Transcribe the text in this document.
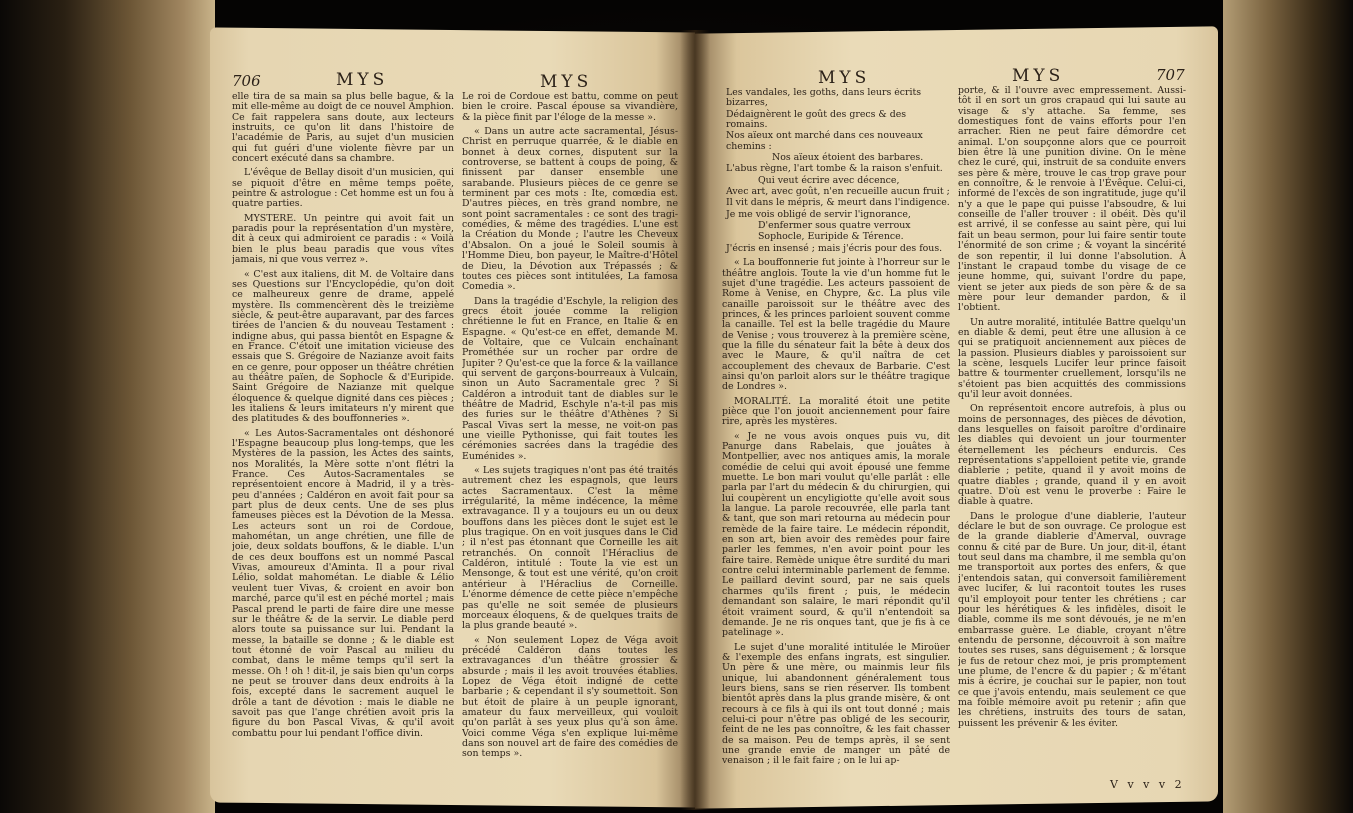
706	MYS	MYS	MYS	MYS	707

elle tira de sa main sa plus belle bague, & la mit elle-même au doigt de ce nouvel Amphion. Ce fait rappelera sans doute, aux lecteurs instruits, ce qu'on lit dans l'histoire de l'académie de Paris, au sujet d'un musicien qui fut guéri d'une violente fièvre par un concert exécuté dans sa chambre.

L'évêque de Bellay disoit d'un musicien, qui se piquoit d'être en même temps poëte, peintre & astrologue : Cet homme est un fou à quatre parties.

MYSTERE. Un peintre qui avoit fait un paradis pour la représentation d'un mystère, dit à ceux qui admiroient ce paradis : « Voilà bien le plus beau paradis que vous vîtes jamais, ni que vous verrez ».

« C'est aux italiens, dit M. de Voltaire dans ses Questions sur l'Encyclopédie, qu'on doit ce malheureux genre de drame, appelé mystère. Ils commencèrent dès le treizième siècle, & peut-être auparavant, par des farces tirées de l'ancien & du nouveau Testament : indigne abus, qui passa bientôt en Espagne & en France. C'étoit une imitation vicieuse des essais que S. Grégoire de Nazianze avoit faits en ce genre, pour opposer un théâtre chrétien au théâtre païen, de Sophocle & d'Euripide. Saint Grégoire de Nazianze mit quelque éloquence & quelque dignité dans ces pièces ; les italiens & leurs imitateurs n'y mirent que des platitudes & des bouffonneries ».

« Les Autos-Sacramentales ont déshonoré l'Espagne beaucoup plus long-temps, que les Mystères de la passion, les Actes des saints, nos Moralités, la Mère sotte n'ont flétri la France. Ces Autos-Sacramentales se représentoient encore à Madrid, il y a très-peu d'années ; Caldéron en avoit fait pour sa part plus de deux cents. Une de ses plus fameuses pièces est la Dévotion de la Messa. Les acteurs sont un roi de Cordoue, mahométan, un ange chrétien, une fille de joie, deux soldats bouffons, & le diable. L'un de ces deux bouffons est un nommé Pascal Vivas, amoureux d'Aminta. Il a pour rival Lélio, soldat mahométan. Le diable & Lélio veulent tuer Vivas, & croient en avoir bon marché, parce qu'il est en péché mortel ; mais Pascal prend le parti de faire dire une messe sur le théâtre & de la servir. Le diable perd alors toute sa puissance sur lui. Pendant la messe, la bataille se donne ; & le diable est tout étonné de voir Pascal au milieu du combat, dans le même temps qu'il sert la messe. Oh ! oh ! dit-il, je sais bien qu'un corps ne peut se trouver dans deux endroits à la fois, excepté dans le sacrement auquel le drôle a tant de dévotion : mais le diable ne savoit pas que l'ange chrétien avoit pris la figure du bon Pascal Vivas, & qu'il avoit combattu pour lui pendant l'office divin.

Le roi de Cordoue est battu, comme on peut bien le croire. Pascal épouse sa vivandière, & la pièce finit par l'éloge de la messe ».

« Dans un autre acte sacramental, Jésus-Christ en perruque quarrée, & le diable en bonnet à deux cornes, disputent sur la controverse, se battent à coups de poing, & finissent par danser ensemble une sarabande. Plusieurs pièces de ce genre se terminent par ces mots : Ite, comœdia est. D'autres pièces, en très grand nombre, ne sont point sacramentales : ce sont des tragi-comédies, & même des tragédies. L'une est la Création du Monde ; l'autre les Cheveux d'Absalon. On a joué le Soleil soumis à l'Homme Dieu, bon payeur, le Maître-d'Hôtel de Dieu, la Dévotion aux Trépassés ; & toutes ces pièces sont intitulées, La famosa Comedia ».

Dans la tragédie d'Eschyle, la religion des grecs étoit jouée comme la religion chrétienne le fut en France, en Italie & en Espagne. « Qu'est-ce en effet, demande M. de Voltaire, que ce Vulcain enchaînant Prométhée sur un rocher par ordre de Jupiter ? Qu'est-ce que la force & la vaillance qui servent de garçons-bourreaux à Vulcain, sinon un Auto Sacramentale grec ? Si Caldéron a introduit tant de diables sur le théâtre de Madrid, Eschyle n'a-t-il pas mis des furies sur le théâtre d'Athènes ? Si Pascal Vivas sert la messe, ne voit-on pas une vieille Pythonisse, qui fait toutes les cérémonies sacrées dans la tragédie des Euménides ».

« Les sujets tragiques n'ont pas été traités autrement chez les espagnols, que leurs actes Sacramentaux. C'est la même irrégularité, la même indécence, la même extravagance. Il y a toujours eu un ou deux bouffons dans les pièces dont le sujet est le plus tragique. On en voit jusques dans le Cid ; il n'est pas étonnant que Corneille les ait retranchés. On connoît l'Héraclius de Caldéron, intitulé : Toute la vie est un Mensonge, & tout est une vérité, qu'on croit antérieur à l'Héraclius de Corneille. L'énorme démence de cette pièce n'empêche pas qu'elle ne soit semée de plusieurs morceaux éloquens, & de quelques traits de la plus grande beauté ».

« Non seulement Lopez de Véga avoit précédé Caldéron dans toutes les extravagances d'un théâtre grossier & absurde ; mais il les avoit trouvées établies. Lopez de Véga étoit indigné de cette barbarie ; & cependant il s'y soumettoit. Son but étoit de plaire à un peuple ignorant, amateur du faux merveilleux, qui vouloit qu'on parlât à ses yeux plus qu'à son âme. Voici comme Véga s'en explique lui-même dans son nouvel art de faire des comédies de son temps ».

Les vandales, les goths, dans leurs écrits bizarres,
Dédaignèrent le goût des grecs & des romains.
Nos aïeux ont marché dans ces nouveaux chemins :
Nos aïeux étoient des barbares.
L'abus règne, l'art tombe & la raison s'enfuit.
Qui veut écrire avec décence,
Avec art, avec goût, n'en recueille aucun fruit ;
Il vit dans le mépris, & meurt dans l'indigence.
Je me vois obligé de servir l'ignorance,
D'enfermer sous quatre verroux
Sophocle, Euripide & Térence.
J'écris en insensé ; mais j'écris pour des fous.

« La bouffonnerie fut jointe à l'horreur sur le théâtre anglois. Toute la vie d'un homme fut le sujet d'une tragédie. Les acteurs passoient de Rome à Venise, en Chypre, &c. La plus vile canaille paroissoit sur le théâtre avec des princes, & les princes parloient souvent comme la canaille. Tel est la belle tragédie du Maure de Venise ; vous trouverez à la première scène, que la fille du sénateur fait la bête à deux dos avec le Maure, & qu'il naîtra de cet accouplement des chevaux de Barbarie. C'est ainsi qu'on parloit alors sur le théâtre tragique de Londres ».

MORALITÉ. La moralité étoit une petite pièce que l'on jouoit anciennement pour faire rire, après les mystères.

« Je ne vous avois onques puis vu, dit Panurge dans Rabelais, que jouâtes à Montpellier, avec nos antiques amis, la morale comédie de celui qui avoit épousé une femme muette. Le bon mari voulut qu'elle parlât : elle parla par l'art du médecin & du chirurgien, qui lui coupèrent un encyligiotte qu'elle avoit sous la langue. La parole recouvrée, elle parla tant & tant, que son mari retourna au médecin pour remède de la faire taire. Le médecin répondit, en son art, bien avoir des remèdes pour faire parler les femmes, n'en avoir point pour les faire taire. Remède unique être surdité du mari contre celui interminable parlement de femme. Le paillard devint sourd, par ne sais quels charmes qu'ils firent ; puis, le médecin demandant son salaire, le mari répondit qu'il étoit vraiment sourd, & qu'il n'entendoit sa demande. Je ne ris onques tant, que je fis à ce patelinage ».

Le sujet d'une moralité intitulée le Miroüer & l'exemple des enfans ingrats, est singulier. Un père & une mère, ou mainmis leur fils unique, lui abandonnent généralement tous leurs biens, sans se rien réserver. Ils tombent bientôt après dans la plus grande misère, & ont recours à ce fils à qui ils ont tout donné ; mais celui-ci pour n'être pas obligé de les secourir, feint de ne les pas connoître, & les fait chasser de sa maison. Peu de temps après, il se sent une grande envie de manger un pâté de venaison ; il le fait faire ; on le lui ap-

porte, & il l'ouvre avec empressement. Aussi-tôt il en sort un gros crapaud qui lui saute au visage & s'y attache. Sa femme, ses domestiques font de vains efforts pour l'en arracher. Rien ne peut faire démordre cet animal. L'on soupçonne alors que ce pourroit bien être là une punition divine. On le mène chez le curé, qui, instruit de sa conduite envers ses père & mère, trouve le cas trop grave pour en connoître, & le renvoie à l'Évêque. Celui-ci, informé de l'excès de son ingratitude, juge qu'il n'y a que le pape qui puisse l'absoudre, & lui conseille de l'aller trouver : il obéit. Dès qu'il est arrivé, il se confesse au saint père, qui lui fait un beau sermon, pour lui faire sentir toute l'énormité de son crime ; & voyant la sincérité de son repentir, il lui donne l'absolution. À l'instant le crapaud tombe du visage de ce jeune homme, qui, suivant l'ordre du pape, vient se jeter aux pieds de son père & de sa mère pour leur demander pardon, & il l'obtient.

Un autre moralité, intitulée Battre quelqu'un en diable & demi, peut être une allusion à ce qui se pratiquoit anciennement aux pièces de la passion. Plusieurs diables y paroissoient sur la scène, lesquels Lucifer leur prince faisoit battre & tourmenter cruellement, lorsqu'ils ne s'étoient pas bien acquittés des commissions qu'il leur avoit données.

On représentoit encore autrefois, à plus ou moins de personnages, des pièces de dévotion, dans lesquelles on faisoit paroître d'ordinaire les diables qui devoient un jour tourmenter éternellement les pécheurs endurcis. Ces représentations s'appelloient petite vie, grande diablerie ; petite, quand il y avoit moins de quatre diables ; grande, quand il y en avoit quatre. D'où est venu le proverbe : Faire le diable à quatre.

Dans le prologue d'une diablerie, l'auteur déclare le but de son ouvrage. Ce prologue est de la grande diablerie d'Amerval, ouvrage connu & cité par de Bure. Un jour, dit-il, étant tout seul dans ma chambre, il me sembla qu'on me transportoit aux portes des enfers, & que j'entendois satan, qui conversoit familièrement avec lucifer, & lui racontoit toutes les ruses qu'il employoit pour tenter les chrétiens ; car pour les hérétiques & les infidèles, disoit le diable, comme ils me sont dévoués, je ne m'en embarrasse guère. Le diable, croyant n'être entendu de personne, découvroit à son maître toutes ses ruses, sans déguisement ; & lorsque je fus de retour chez moi, je pris promptement une plume, de l'encre & du papier ; & m'étant mis à écrire, je couchai sur le papier, non tout ce que j'avois entendu, mais seulement ce que ma foible mémoire avoit pu retenir ; afin que les chrétiens, instruits des tours de satan, puissent les prévenir & les éviter.

V v v v 2
